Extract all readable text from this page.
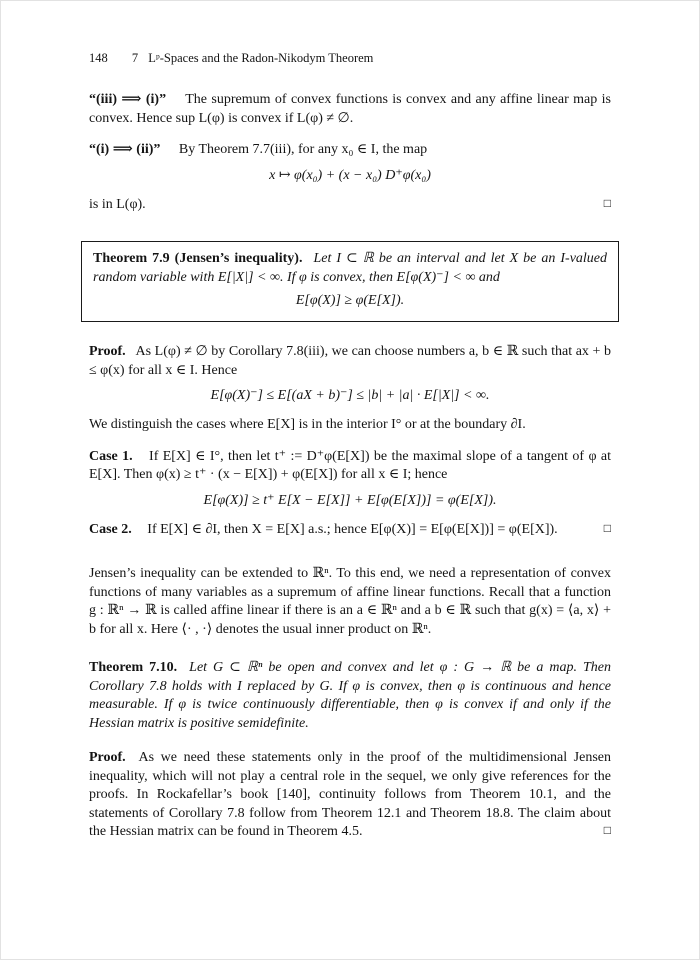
148 7 Lᵖ-Spaces and the Radon-Nikodym Theorem

“(iii) ⟹ (i)” The supremum of convex functions is convex and any affine linear map is convex. Hence sup L(φ) is convex if L(φ) ≠ ∅.

“(i) ⟹ (ii)” By Theorem 7.7(iii), for any x₀ ∈ I, the map

x ↦ φ(x₀) + (x − x₀) D⁺φ(x₀)

is in L(φ).	□

Theorem 7.9 (Jensen’s inequality). Let I ⊂ ℝ be an interval and let X be an I-valued random variable with E[|X|] < ∞. If φ is convex, then E[φ(X)⁻] < ∞ and

E[φ(X)] ≥ φ(E[X]).

Proof. As L(φ) ≠ ∅ by Corollary 7.8(iii), we can choose numbers a, b ∈ ℝ such that ax + b ≤ φ(x) for all x ∈ I. Hence

E[φ(X)⁻] ≤ E[(aX + b)⁻] ≤ |b| + |a| · E[|X|] < ∞.

We distinguish the cases where E[X] is in the interior I° or at the boundary ∂I.

Case 1. If E[X] ∈ I°, then let t⁺ := D⁺φ(E[X]) be the maximal slope of a tangent of φ at E[X]. Then φ(x) ≥ t⁺ · (x − E[X]) + φ(E[X]) for all x ∈ I; hence

E[φ(X)] ≥ t⁺ E[X − E[X]] + E[φ(E[X])] = φ(E[X]).

Case 2. If E[X] ∈ ∂I, then X = E[X] a.s.; hence E[φ(X)] = E[φ(E[X])] = φ(E[X]).	□

Jensen’s inequality can be extended to ℝⁿ. To this end, we need a representation of convex functions of many variables as a supremum of affine linear functions. Recall that a function g : ℝⁿ → ℝ is called affine linear if there is an a ∈ ℝⁿ and a b ∈ ℝ such that g(x) = ⟨a, x⟩ + b for all x. Here ⟨· , ·⟩ denotes the usual inner product on ℝⁿ.

Theorem 7.10. Let G ⊂ ℝⁿ be open and convex and let φ : G → ℝ be a map. Then Corollary 7.8 holds with I replaced by G. If φ is convex, then φ is continuous and hence measurable. If φ is twice continuously differentiable, then φ is convex if and only if the Hessian matrix is positive semidefinite.

Proof. As we need these statements only in the proof of the multidimensional Jensen inequality, which will not play a central role in the sequel, we only give references for the proofs. In Rockafellar’s book [140], continuity follows from Theorem 10.1, and the statements of Corollary 7.8 follow from Theorem 12.1 and Theorem 18.8. The claim about the Hessian matrix can be found in Theorem 4.5.	□
